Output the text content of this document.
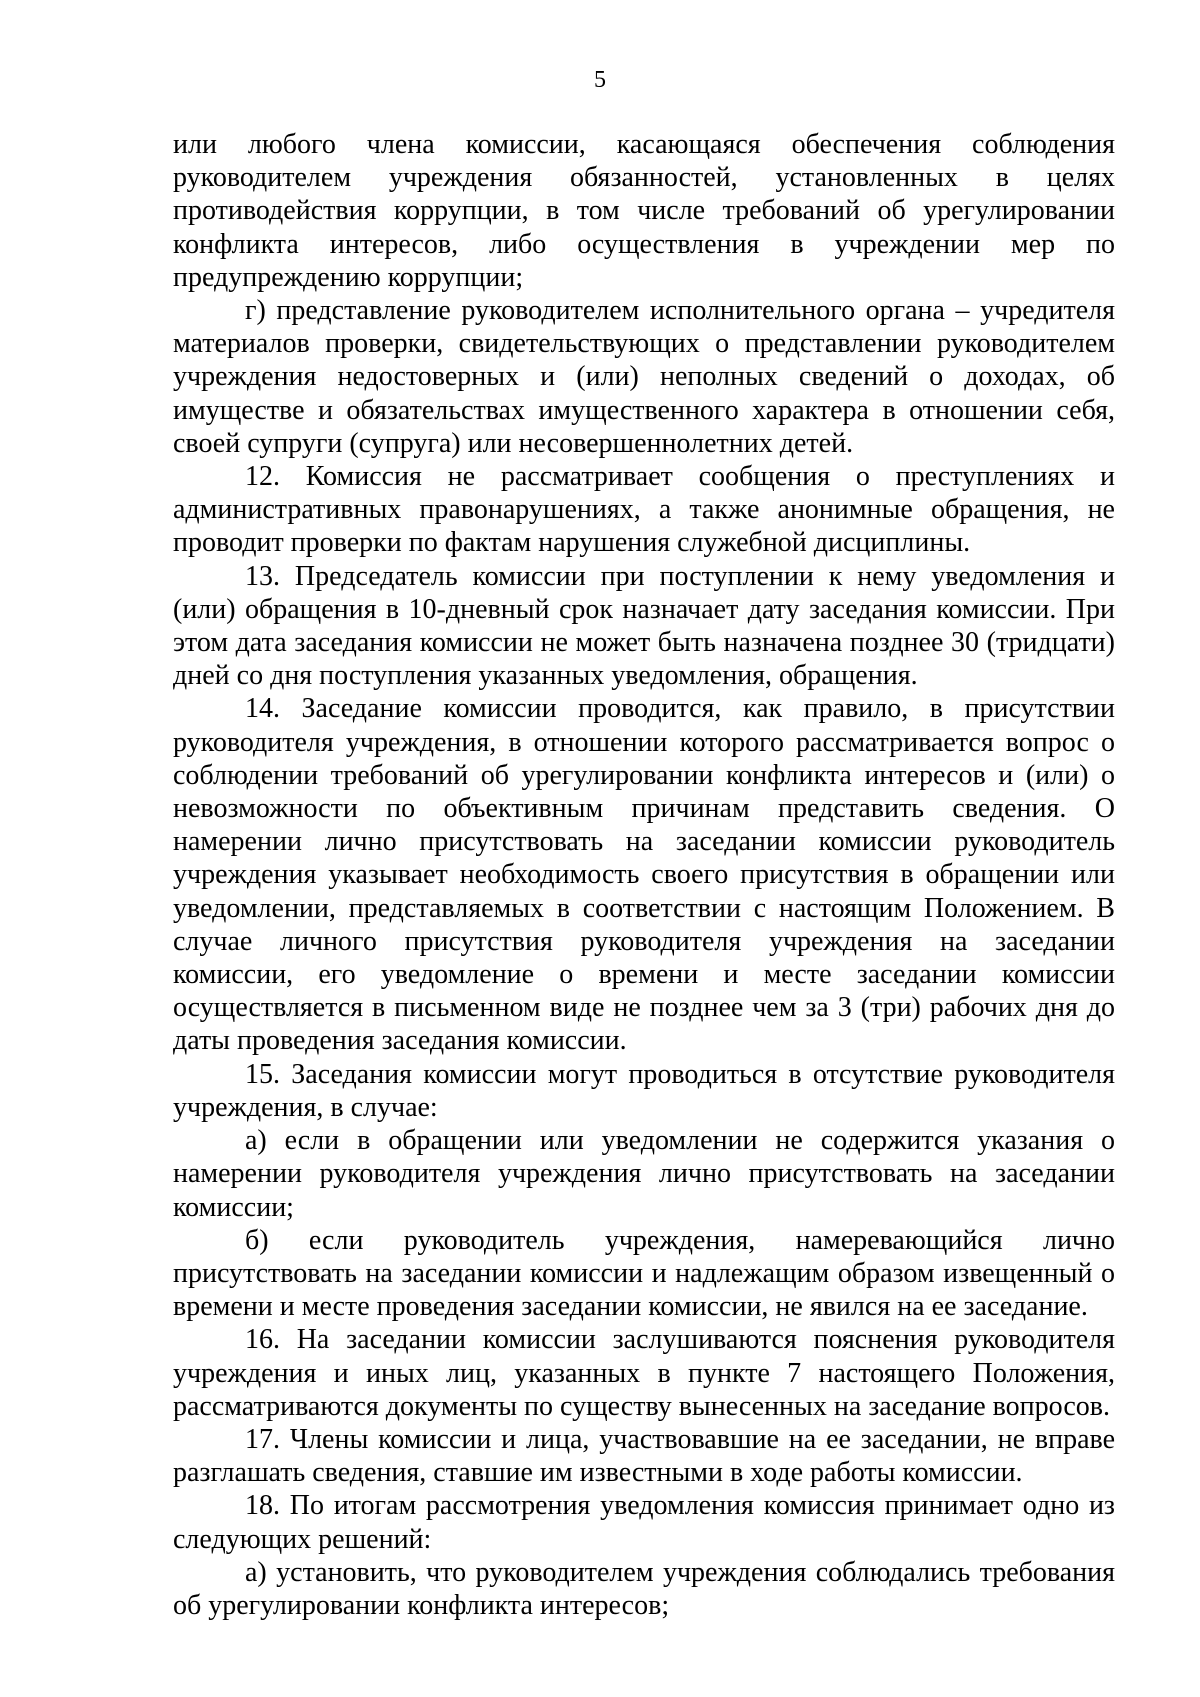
5

или любого члена комиссии, касающаяся обеспечения соблюдения руководителем учреждения обязанностей, установленных в целях противодействия коррупции, в том числе требований об урегулировании конфликта интересов, либо осуществления в учреждении мер по предупреждению коррупции;

г) представление руководителем исполнительного органа – учредителя материалов проверки, свидетельствующих о представлении руководителем учреждения недостоверных и (или) неполных сведений о доходах, об имуществе и обязательствах имущественного характера в отношении себя, своей супруги (супруга) или несовершеннолетних детей.

12. Комиссия не рассматривает сообщения о преступлениях и административных правонарушениях, а также анонимные обращения, не проводит проверки по фактам нарушения служебной дисциплины.

13. Председатель комиссии при поступлении к нему уведомления и (или) обращения в 10-дневный срок назначает дату заседания комиссии. При этом дата заседания комиссии не может быть назначена позднее 30 (тридцати) дней со дня поступления указанных уведомления, обращения.

14. Заседание комиссии проводится, как правило, в присутствии руководителя учреждения, в отношении которого рассматривается вопрос о соблюдении требований об урегулировании конфликта интересов и (или) о невозможности по объективным причинам представить сведения. О намерении лично присутствовать на заседании комиссии руководитель учреждения указывает необходимость своего присутствия в обращении или уведомлении, представляемых в соответствии с настоящим Положением. В случае личного присутствия руководителя учреждения на заседании комиссии, его уведомление о времени и месте заседании комиссии осуществляется в письменном виде не позднее чем за 3 (три) рабочих дня до даты проведения заседания комиссии.

15. Заседания комиссии могут проводиться в отсутствие руководителя учреждения, в случае:

а) если в обращении или уведомлении не содержится указания о намерении руководителя учреждения лично присутствовать на заседании комиссии;

б) если руководитель учреждения, намеревающийся лично присутствовать на заседании комиссии и надлежащим образом извещенный о времени и месте проведения заседании комиссии, не явился на ее заседание.

16. На заседании комиссии заслушиваются пояснения руководителя учреждения и иных лиц, указанных в пункте 7 настоящего Положения, рассматриваются документы по существу вынесенных на заседание вопросов.

17. Члены комиссии и лица, участвовавшие на ее заседании, не вправе разглашать сведения, ставшие им известными в ходе работы комиссии.

18. По итогам рассмотрения уведомления комиссия принимает одно из следующих решений:

а) установить, что руководителем учреждения соблюдались требования об урегулировании конфликта интересов;
